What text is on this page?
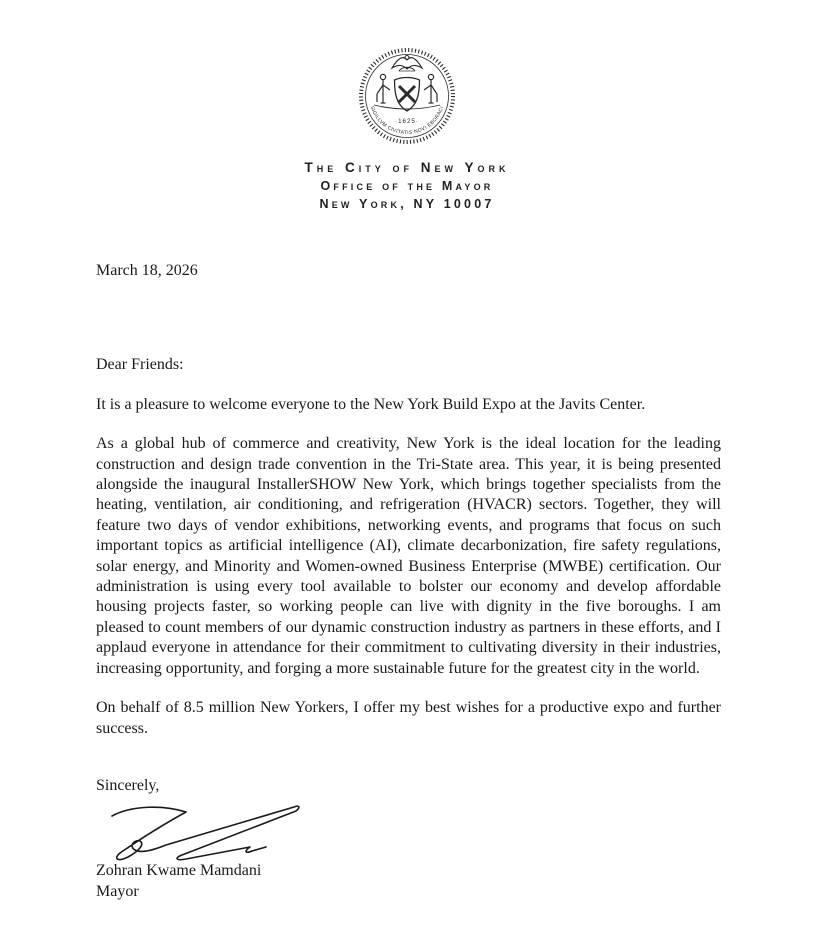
·1625·
SIGILLVM CIVITATIS NOVI EBORACI
The City of New York
Office of the Mayor
New York, NY 10007
March 18, 2026
Dear Friends:
It is a pleasure to welcome everyone to the New York Build Expo at the Javits Center.
As a global hub of commerce and creativity, New York is the ideal location for the leading construction and design trade convention in the Tri-State area. This year, it is being presented alongside the inaugural InstallerSHOW New York, which brings together specialists from the heating, ventilation, air conditioning, and refrigeration (HVACR) sectors. Together, they will feature two days of vendor exhibitions, networking events, and programs that focus on such important topics as artificial intelligence (AI), climate decarbonization, fire safety regulations, solar energy, and Minority and Women-owned Business Enterprise (MWBE) certification. Our administration is using every tool available to bolster our economy and develop affordable housing projects faster, so working people can live with dignity in the five boroughs. I am pleased to count members of our dynamic construction industry as partners in these efforts, and I applaud everyone in attendance for their commitment to cultivating diversity in their industries, increasing opportunity, and forging a more sustainable future for the greatest city in the world.
On behalf of 8.5 million New Yorkers, I offer my best wishes for a productive expo and further success.
Sincerely,
Zohran Kwame Mamdani
Mayor
